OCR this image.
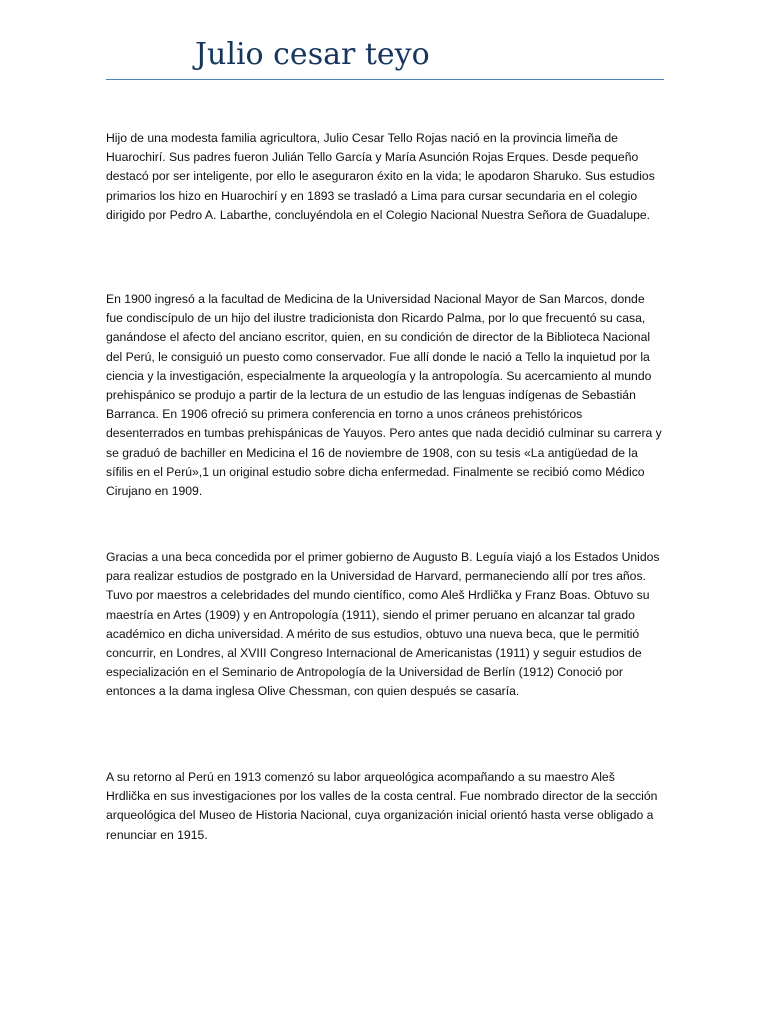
Julio cesar teyo

Hijo de una modesta familia agricultora, Julio Cesar Tello Rojas nació en la provincia limeña de Huarochirí. Sus padres fueron Julián Tello García y María Asunción Rojas Erques. Desde pequeño destacó por ser inteligente, por ello le aseguraron éxito en la vida; le apodaron Sharuko. Sus estudios primarios los hizo en Huarochirí y en 1893 se trasladó a Lima para cursar secundaria en el colegio dirigido por Pedro A. Labarthe, concluyéndola en el Colegio Nacional Nuestra Señora de Guadalupe.

En 1900 ingresó a la facultad de Medicina de la Universidad Nacional Mayor de San Marcos, donde fue condiscípulo de un hijo del ilustre tradicionista don Ricardo Palma, por lo que frecuentó su casa, ganándose el afecto del anciano escritor, quien, en su condición de director de la Biblioteca Nacional del Perú, le consiguió un puesto como conservador. Fue allí donde le nació a Tello la inquietud por la ciencia y la investigación, especialmente la arqueología y la antropología. Su acercamiento al mundo prehispánico se produjo a partir de la lectura de un estudio de las lenguas indígenas de Sebastián Barranca. En 1906 ofreció su primera conferencia en torno a unos cráneos prehistóricos desenterrados en tumbas prehispánicas de Yauyos. Pero antes que nada decidió culminar su carrera y se graduó de bachiller en Medicina el 16 de noviembre de 1908, con su tesis «La antigüedad de la sífilis en el Perú»,1 un original estudio sobre dicha enfermedad. Finalmente se recibió como Médico Cirujano en 1909.

Gracias a una beca concedida por el primer gobierno de Augusto B. Leguía viajó a los Estados Unidos para realizar estudios de postgrado en la Universidad de Harvard, permaneciendo allí por tres años. Tuvo por maestros a celebridades del mundo científico, como Aleš Hrdlička y Franz Boas. Obtuvo su maestría en Artes (1909) y en Antropología (1911), siendo el primer peruano en alcanzar tal grado académico en dicha universidad. A mérito de sus estudios, obtuvo una nueva beca, que le permitió concurrir, en Londres, al XVIII Congreso Internacional de Americanistas (1911) y seguir estudios de especialización en el Seminario de Antropología de la Universidad de Berlín (1912) Conoció por entonces a la dama inglesa Olive Chessman, con quien después se casaría.

A su retorno al Perú en 1913 comenzó su labor arqueológica acompañando a su maestro Aleš Hrdlička en sus investigaciones por los valles de la costa central. Fue nombrado director de la sección arqueológica del Museo de Historia Nacional, cuya organización inicial orientó hasta verse obligado a renunciar en 1915.
